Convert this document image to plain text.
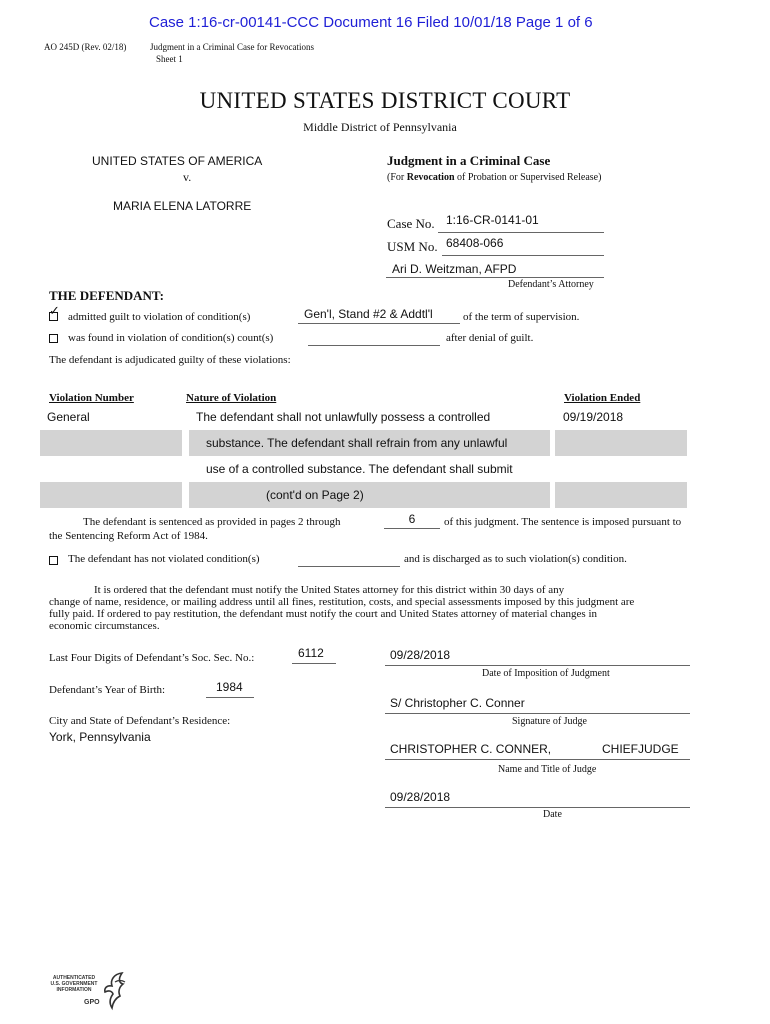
Case 1:16-cr-00141-CCC Document 16 Filed 10/01/18 Page 1 of 6
AO 245D (Rev. 02/18)	Judgment in a Criminal Case for Revocations
Sheet 1
UNITED STATES DISTRICT COURT
Middle District of Pennsylvania
UNITED STATES OF AMERICA
v.
MARIA ELENA LATORRE
Judgment in a Criminal Case
(For Revocation of Probation or Supervised Release)
Case No. 1:16-CR-0141-01
USM No. 68408-066
Ari D. Weitzman, AFPD
Defendant’s Attorney
THE DEFENDANT:
✓ admitted guilt to violation of condition(s)	Gen'l, Stand #2 & Addtl'l	of the term of supervision.
was found in violation of condition(s) count(s)	after denial of guilt.
The defendant is adjudicated guilty of these violations:
Violation Number	Nature of Violation	Violation Ended
General	The defendant shall not unlawfully possess a controlled	09/19/2018
substance. The defendant shall refrain from any unlawful
use of a controlled substance. The defendant shall submit
(cont'd on Page 2)
The defendant is sentenced as provided in pages 2 through	6	of this judgment. The sentence is imposed pursuant to
the Sentencing Reform Act of 1984.
The defendant has not violated condition(s)	and is discharged as to such violation(s) condition.
It is ordered that the defendant must notify the United States attorney for this district within 30 days of any
change of name, residence, or mailing address until all fines, restitution, costs, and special assessments imposed by this judgment are
fully paid. If ordered to pay restitution, the defendant must notify the court and United States attorney of material changes in
economic circumstances.
Last Four Digits of Defendant’s Soc. Sec. No.:	6112
Defendant’s Year of Birth:	1984
City and State of Defendant’s Residence:
York, Pennsylvania
09/28/2018
Date of Imposition of Judgment
S/ Christopher C. Conner
Signature of Judge
CHRISTOPHER C. CONNER,	CHIEFJUDGE
Name and Title of Judge
09/28/2018
Date
AUTHENTICATED
U.S. GOVERNMENT
INFORMATION
GPO
